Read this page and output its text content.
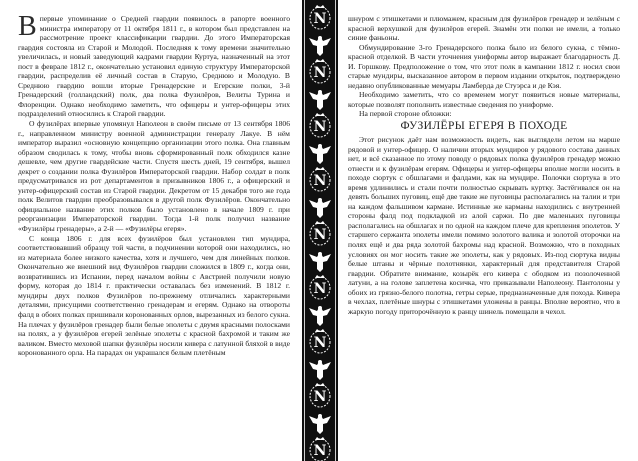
В первые упоминание о Средней гвардии появилось в рапорте военного министра императору от 11 октября 1811 г., в котором был представлен на рассмотрение проект классификации гвардии. До этого Императорская гвардия состояла из Старой и Молодой. Последняя к тому времени значительно увеличилась, и новый заведующий кадрами гвардии Куртуа, назначенный на этот пост в феврале 1812 г., окончательно установил единую структуру Императорской гвардии, распределив её личный состав в Старую, Среднюю и Молодую. В Среднюю гвардию вошли вторые Гренадерские и Егерские полки, 3-й Гренадерский (голландский) полк, два полка Фузилёров, Велиты Турина и Флоренции. Однако необходимо заметить, что офицеры и унтер-офицеры этих подразделений относились к Старой гвардии.

О фузилёрах впервые упомянул Наполеон в своём письме от 13 сентября 1806 г., направленном министру военной администрации генералу Лакуе. В нём император выразил «основную концепцию организации этого полка. Она главным образом сводилась к тому, чтобы вновь сформированный полк обходился казне дешевле, чем другие гвардейские части. Спустя шесть дней, 19 сентября, вышел декрет о создании полка Фузилёров Императорской гвардии. Набор солдат в полк предусматривался из рот департаментов в призывников 1806 г., а офицерский и унтер-офицерский состав из Старой гвардии. Декретом от 15 декабря того же года полк Велитов гвардии преобразовывался в другой полк Фузилёров. Окончательно официальное название этих полков было установлено в начале 1809 г. при реорганизации Императорской гвардии. Тогда 1-й полк получил название «Фузилёры гренадеры», а 2-й — «Фузилёры егеря».

С конца 1806 г. для всех фузилёров был установлен тип мундира, соответствовавший образцу той части, в подчинении которой они находились, но из материала более низкого качества, хотя и лучшего, чем для линейных полков. Окончательно же внешний вид Фузилёров гвардии сложился в 1809 г., когда они, возвратившись из Испании, перед началом войны с Австрией получили новую форму, которая до 1814 г. практически оставалась без изменений. В 1812 г. мундиры двух полков Фузилёров по-прежнему отличались характерными деталями, присущими соответственно гренадерам и егерям. Однако на отвороты фалд в обоих полках пришивали коронованных орлов, вырезанных из белого сукна. На плечах у фузилёров гренадер были белые эполеты с двумя красными полосками на полях, а у фузилёров егерей зелёные эполеты с красной бахромой и таким же валиком. Вместо меховой шапки фузилёры носили кивера с латунной бляхой в виде коронованного орла. На парадах он украшался белым плетёным

N
N
N
N
N
N
N
N
N

шнуром с этишкетами и плюмажем, красным для фузилёров гренадер и зелёным с красной верхушкой для фузилёров егерей. Знамён эти полки не имели, а только синие фаньоны.

Обмундирование 3-го Гренадерского полка было из белого сукна, с тёмно-красной отделкой. В части уточнения униформы автор выражает благодарность Д. И. Горшкову. Предположение о том, что этот полк в кампании 1812 г. носил свои старые мундиры, высказанное автором в первом издании открыток, подтверждено недавно опубликованные мемуары Ламберда де Стуэрса и де Кэя.

Необходимо заметить, что со временем могут появиться новые материалы, которые позволят пополнить известные сведения по униформе.

На первой стороне обложки:

ФУЗИЛЁРЫ ЕГЕРЯ В ПОХОДЕ

Этот рисунок даёт нам возможность видеть, как выглядели летом на марше рядовой и унтер-офицер. О наличии вторых мундиров у рядового состава данных нет, и всё сказанное по этому поводу о рядовых полка фузилёров гренадер можно отнести и к фузилёрам егерям. Офицеры и унтер-офицеры вполне могли носить в походе сюртук с обшлагами и фалдами, как на мундире. Полочки сюртука в это время удлинились и стали почти полностью скрывать куртку. Застёгивался он на девять больших пуговиц, ещё две такие же пуговицы располагались на талии и три на каждом фальшивом кармане. Истинные же карманы находились с внутренней стороны фалд под подкладкой из алой саржи. По две маленьких пуговицы располагались на обшлагах и по одной на каждом плече для крепления эполетов. У старшего сержанта эполеты имели помимо золотого валика и золотой оторочки на полях ещё и два ряда золотой бахромы над красной. Возможно, что в походных условиях он мог носить такие же эполеты, как у рядовых. Из-под сюртука видны белые штаны и чёрные полотнянки, характерный для представителя Старой гвардии. Обратите внимание, козырёк его кивера с ободком из позолоченной латуни, а на голове заплетена косичка, что приказывали Наполеону. Пантолоны у обоих из грязно-белого полотна, гетры серые, предназначенные для похода. Кивера в чехлах, плетёные шнуры с этишкетами уложены в ранцы. Вполне вероятно, что в жаркую погоду приторочённую к ранцу шинель помещали в чехол.
